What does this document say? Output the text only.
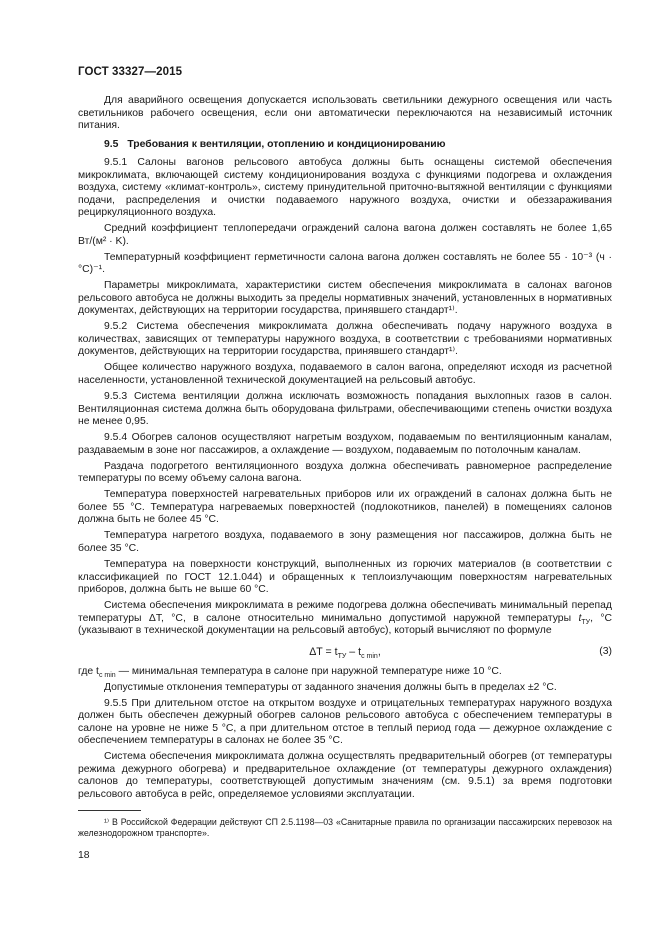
ГОСТ 33327—2015

Для аварийного освещения допускается использовать светильники дежурного освещения или часть светильников рабочего освещения, если они автоматически переключаются на независимый источник питания.

9.5 Требования к вентиляции, отоплению и кондиционированию

9.5.1 Салоны вагонов рельсового автобуса должны быть оснащены системой обеспечения микроклимата, включающей систему кондиционирования воздуха с функциями подогрева и охлаждения воздуха, систему «климат-контроль», систему принудительной приточно-вытяжной вентиляции с функциями подачи, распределения и очистки подаваемого наружного воздуха, очистки и обеззараживания рециркуляционного воздуха.

Средний коэффициент теплопередачи ограждений салона вагона должен составлять не более 1,65 Вт/(м² · K).

Температурный коэффициент герметичности салона вагона должен составлять не более 55 · 10⁻³ (ч · °C)⁻¹.

Параметры микроклимата, характеристики систем обеспечения микроклимата в салонах вагонов рельсового автобуса не должны выходить за пределы нормативных значений, установленных в нормативных документах, действующих на территории государства, принявшего стандарт¹⁾.

9.5.2 Система обеспечения микроклимата должна обеспечивать подачу наружного воздуха в количествах, зависящих от температуры наружного воздуха, в соответствии с требованиями нормативных документов, действующих на территории государства, принявшего стандарт¹⁾.

Общее количество наружного воздуха, подаваемого в салон вагона, определяют исходя из расчетной населенности, установленной технической документацией на рельсовый автобус.

9.5.3 Система вентиляции должна исключать возможность попадания выхлопных газов в салон. Вентиляционная система должна быть оборудована фильтрами, обеспечивающими степень очистки воздуха не менее 0,95.

9.5.4 Обогрев салонов осуществляют нагретым воздухом, подаваемым по вентиляционным каналам, раздаваемым в зоне ног пассажиров, а охлаждение — воздухом, подаваемым по потолочным каналам.

Раздача подогретого вентиляционного воздуха должна обеспечивать равномерное распределение температуры по всему объему салона вагона.

Температура поверхностей нагревательных приборов или их ограждений в салонах должна быть не более 55 °C. Температура нагреваемых поверхностей (подлокотников, панелей) в помещениях салонов должна быть не более 45 °C.

Температура нагретого воздуха, подаваемого в зону размещения ног пассажиров, должна быть не более 35 °C.

Температура на поверхности конструкций, выполненных из горючих материалов (в соответствии с классификацией по ГОСТ 12.1.044) и обращенных к теплоизлучающим поверхностям нагревательных приборов, должна быть не выше 60 °C.

Система обеспечения микроклимата в режиме подогрева должна обеспечивать минимальный перепад температуры ΔT, °C, в салоне относительно минимально допустимой наружной температуры $t_{ТУ}$, °C (указывают в технической документации на рельсовый автобус), который вычисляют по формуле

$\Delta T = t_{ТУ} - t_{c min}$,	(3)

где $t_{c min}$ — минимальная температура в салоне при наружной температуре ниже 10 °C.

Допустимые отклонения температуры от заданного значения должны быть в пределах ±2 °C.

9.5.5 При длительном отстое на открытом воздухе и отрицательных температурах наружного воздуха должен быть обеспечен дежурный обогрев салонов рельсового автобуса с обеспечением температуры в салоне на уровне не ниже 5 °C, а при длительном отстое в теплый период года — дежурное охлаждение с обеспечением температуры в салонах не более 35 °C.

Система обеспечения микроклимата должна осуществлять предварительный обогрев (от температуры режима дежурного обогрева) и предварительное охлаждение (от температуры дежурного охлаждения) салонов до температуры, соответствующей допустимым значениям (см. 9.5.1) за время подготовки рельсового автобуса в рейс, определяемое условиями эксплуатации.

¹⁾ В Российской Федерации действуют СП 2.5.1198—03 «Санитарные правила по организации пассажирских перевозок на железнодорожном транспорте».

18
